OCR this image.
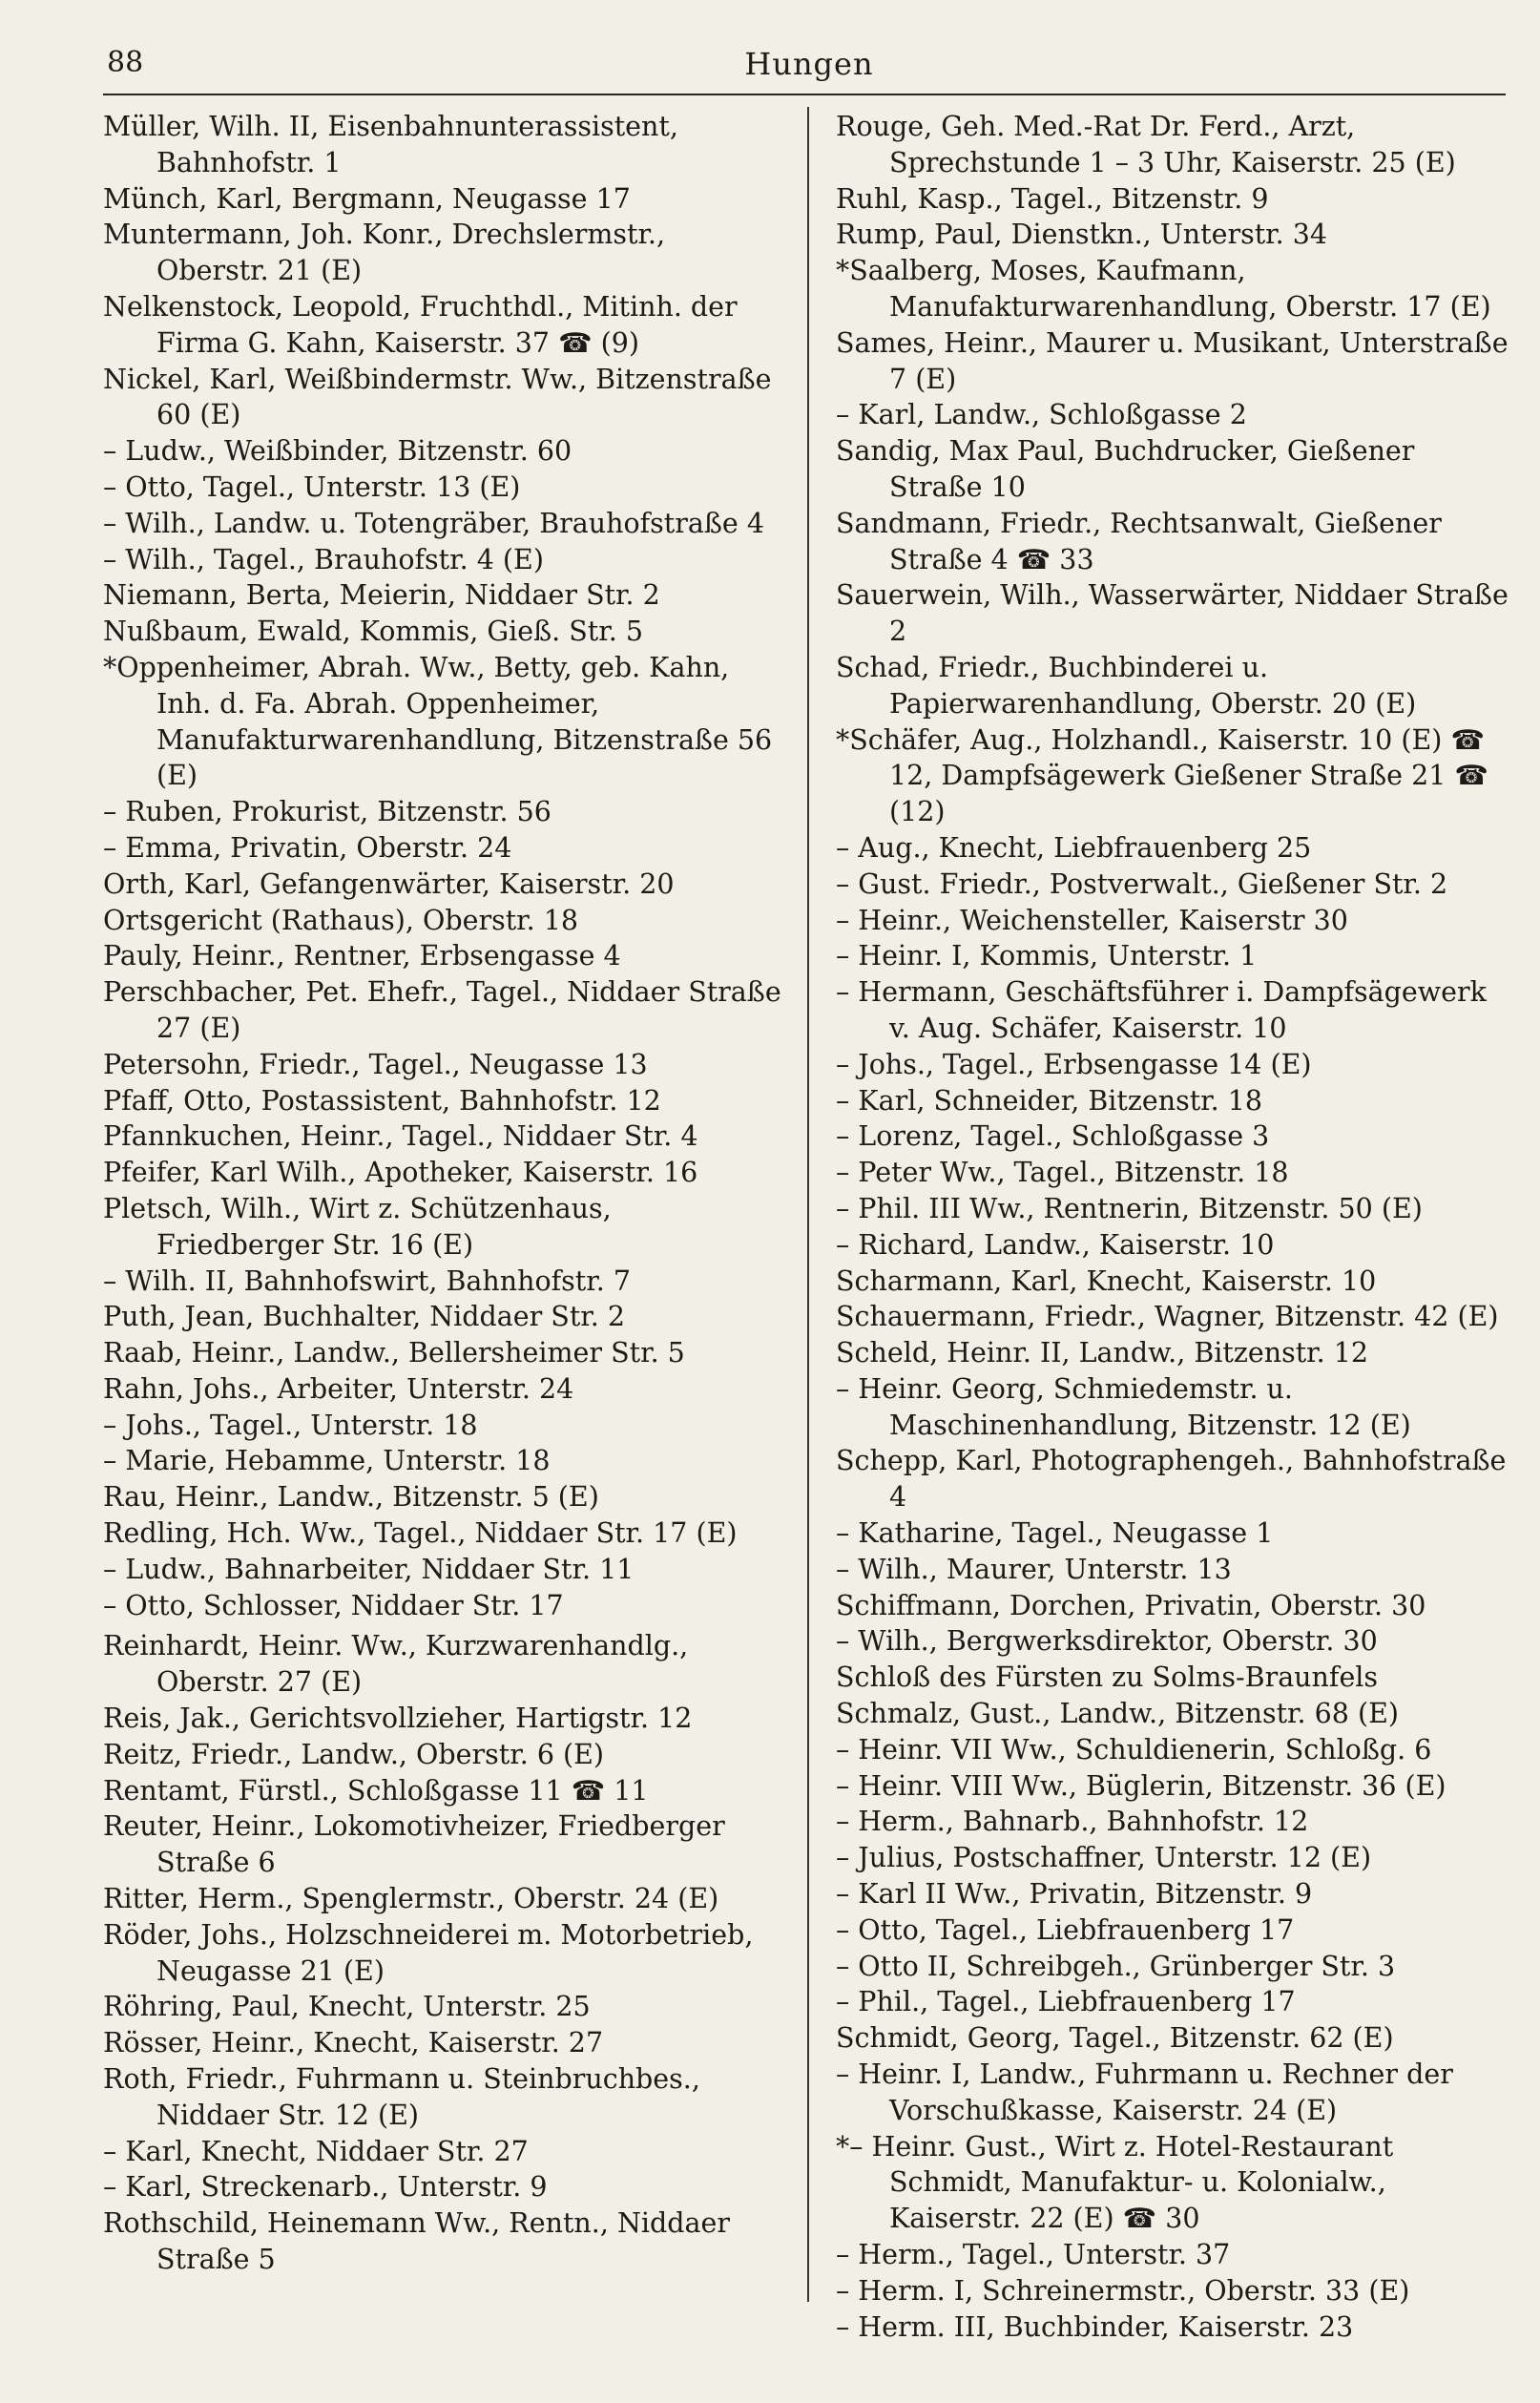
88	Hungen

Müller, Wilh. II, Eisenbahnunterassistent, Bahnhofstr. 1

Münch, Karl, Bergmann, Neugasse 17

Muntermann, Joh. Konr., Drechslermstr., Oberstr. 21 (E)

Nelkenstock, Leopold, Fruchthdl., Mitinh. der Firma G. Kahn, Kaiserstr. 37 ☎ (9)

Nickel, Karl, Weißbindermstr. Ww., Bitzenstraße 60 (E)

– Ludw., Weißbinder, Bitzenstr. 60

– Otto, Tagel., Unterstr. 13 (E)

– Wilh., Landw. u. Totengräber, Brauhofstraße 4

– Wilh., Tagel., Brauhofstr. 4 (E)

Niemann, Berta, Meierin, Niddaer Str. 2

Nußbaum, Ewald, Kommis, Gieß. Str. 5

*Oppenheimer, Abrah. Ww., Betty, geb. Kahn, Inh. d. Fa. Abrah. Oppenheimer, Manufakturwarenhandlung, Bitzenstraße 56 (E)

– Ruben, Prokurist, Bitzenstr. 56

– Emma, Privatin, Oberstr. 24

Orth, Karl, Gefangenwärter, Kaiserstr. 20

Ortsgericht (Rathaus), Oberstr. 18

Pauly, Heinr., Rentner, Erbsengasse 4

Perschbacher, Pet. Ehefr., Tagel., Niddaer Straße 27 (E)

Petersohn, Friedr., Tagel., Neugasse 13

Pfaff, Otto, Postassistent, Bahnhofstr. 12

Pfannkuchen, Heinr., Tagel., Niddaer Str. 4

Pfeifer, Karl Wilh., Apotheker, Kaiserstr. 16

Pletsch, Wilh., Wirt z. Schützenhaus, Friedberger Str. 16 (E)

– Wilh. II, Bahnhofswirt, Bahnhofstr. 7

Puth, Jean, Buchhalter, Niddaer Str. 2

Raab, Heinr., Landw., Bellersheimer Str. 5

Rahn, Johs., Arbeiter, Unterstr. 24

– Johs., Tagel., Unterstr. 18

– Marie, Hebamme, Unterstr. 18

Rau, Heinr., Landw., Bitzenstr. 5 (E)

Redling, Hch. Ww., Tagel., Niddaer Str. 17 (E)

– Ludw., Bahnarbeiter, Niddaer Str. 11

– Otto, Schlosser, Niddaer Str. 17

Reinhardt, Heinr. Ww., Kurzwarenhandlg., Oberstr. 27 (E)

Reis, Jak., Gerichtsvollzieher, Hartigstr. 12

Reitz, Friedr., Landw., Oberstr. 6 (E)

Rentamt, Fürstl., Schloßgasse 11 ☎ 11

Reuter, Heinr., Lokomotivheizer, Friedberger Straße 6

Ritter, Herm., Spenglermstr., Oberstr. 24 (E)

Röder, Johs., Holzschneiderei m. Motorbetrieb, Neugasse 21 (E)

Röhring, Paul, Knecht, Unterstr. 25

Rösser, Heinr., Knecht, Kaiserstr. 27

Roth, Friedr., Fuhrmann u. Steinbruchbes., Niddaer Str. 12 (E)

– Karl, Knecht, Niddaer Str. 27

– Karl, Streckenarb., Unterstr. 9

Rothschild, Heinemann Ww., Rentn., Niddaer Straße 5

Rouge, Geh. Med.-Rat Dr. Ferd., Arzt, Sprechstunde 1 – 3 Uhr, Kaiserstr. 25 (E)

Ruhl, Kasp., Tagel., Bitzenstr. 9

Rump, Paul, Dienstkn., Unterstr. 34

*Saalberg, Moses, Kaufmann, Manufakturwarenhandlung, Oberstr. 17 (E)

Sames, Heinr., Maurer u. Musikant, Unterstraße 7 (E)

– Karl, Landw., Schloßgasse 2

Sandig, Max Paul, Buchdrucker, Gießener Straße 10

Sandmann, Friedr., Rechtsanwalt, Gießener Straße 4 ☎ 33

Sauerwein, Wilh., Wasserwärter, Niddaer Straße 2

Schad, Friedr., Buchbinderei u. Papierwarenhandlung, Oberstr. 20 (E)

*Schäfer, Aug., Holzhandl., Kaiserstr. 10 (E) ☎ 12, Dampfsägewerk Gießener Straße 21 ☎ (12)

– Aug., Knecht, Liebfrauenberg 25

– Gust. Friedr., Postverwalt., Gießener Str. 2

– Heinr., Weichensteller, Kaiserstr 30

– Heinr. I, Kommis, Unterstr. 1

– Hermann, Geschäftsführer i. Dampfsägewerk v. Aug. Schäfer, Kaiserstr. 10

– Johs., Tagel., Erbsengasse 14 (E)

– Karl, Schneider, Bitzenstr. 18

– Lorenz, Tagel., Schloßgasse 3

– Peter Ww., Tagel., Bitzenstr. 18

– Phil. III Ww., Rentnerin, Bitzenstr. 50 (E)

– Richard, Landw., Kaiserstr. 10

Scharmann, Karl, Knecht, Kaiserstr. 10

Schauermann, Friedr., Wagner, Bitzenstr. 42 (E)

Scheld, Heinr. II, Landw., Bitzenstr. 12

– Heinr. Georg, Schmiedemstr. u. Maschinenhandlung, Bitzenstr. 12 (E)

Schepp, Karl, Photographengeh., Bahnhofstraße 4

– Katharine, Tagel., Neugasse 1

– Wilh., Maurer, Unterstr. 13

Schiffmann, Dorchen, Privatin, Oberstr. 30

– Wilh., Bergwerksdirektor, Oberstr. 30

Schloß des Fürsten zu Solms-Braunfels

Schmalz, Gust., Landw., Bitzenstr. 68 (E)

– Heinr. VII Ww., Schuldienerin, Schloßg. 6

– Heinr. VIII Ww., Büglerin, Bitzenstr. 36 (E)

– Herm., Bahnarb., Bahnhofstr. 12

– Julius, Postschaffner, Unterstr. 12 (E)

– Karl II Ww., Privatin, Bitzenstr. 9

– Otto, Tagel., Liebfrauenberg 17

– Otto II, Schreibgeh., Grünberger Str. 3

– Phil., Tagel., Liebfrauenberg 17

Schmidt, Georg, Tagel., Bitzenstr. 62 (E)

– Heinr. I, Landw., Fuhrmann u. Rechner der Vorschußkasse, Kaiserstr. 24 (E)

*– Heinr. Gust., Wirt z. Hotel-Restaurant Schmidt, Manufaktur- u. Kolonialw., Kaiserstr. 22 (E) ☎ 30

– Herm., Tagel., Unterstr. 37

– Herm. I, Schreinermstr., Oberstr. 33 (E)

– Herm. III, Buchbinder, Kaiserstr. 23
